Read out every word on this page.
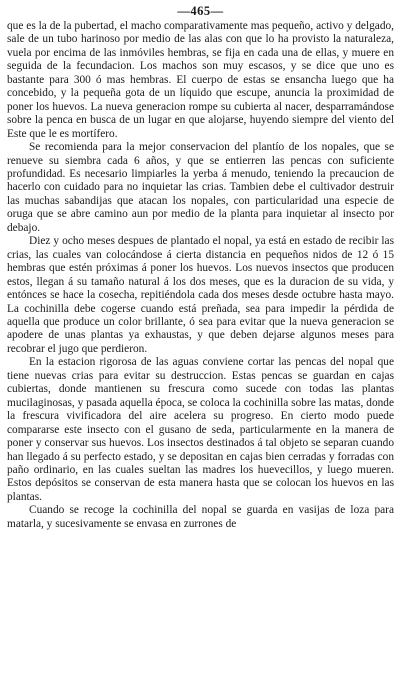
—465—

que es la de la pubertad, el macho comparativamente mas pequeño, activo y delgado, sale de un tubo harinoso por medio de las alas con que lo ha provisto la naturaleza, vuela por encima de las inmóviles hembras, se fija en cada una de ellas, y muere en seguida de la fecundacion. Los machos son muy escasos, y se dice que uno es bastante para 300 ó mas hembras. El cuerpo de estas se ensancha luego que ha concebido, y la pequeña gota de un líquido que escupe, anuncia la proximidad de poner los huevos. La nueva generacion rompe su cubierta al nacer, desparramándose sobre la penca en busca de un lugar en que alojarse, huyendo siempre del viento del Este que le es mortífero.

Se recomienda para la mejor conservacion del plantío de los nopales, que se renueve su siembra cada 6 años, y que se entierren las pencas con suficiente profundidad. Es necesario limpiarles la yerba á menudo, teniendo la precaucion de hacerlo con cuidado para no inquietar las crias. Tambien debe el cultivador destruir las muchas sabandijas que atacan los nopales, con particularidad una especie de oruga que se abre camino aun por medio de la planta para inquietar al insecto por debajo.

Diez y ocho meses despues de plantado el nopal, ya está en estado de recibir las crias, las cuales van colocándose á cierta distancia en pequeños nidos de 12 ó 15 hembras que estén próximas á poner los huevos. Los nuevos insectos que producen estos, llegan á su tamaño natural á los dos meses, que es la duracion de su vida, y entónces se hace la cosecha, repitiéndola cada dos meses desde octubre hasta mayo. La cochinilla debe cogerse cuando está preñada, sea para impedir la pérdida de aquella que produce un color brillante, ó sea para evitar que la nueva generacion se apodere de unas plantas ya exhaustas, y que deben dejarse algunos meses para recobrar el jugo que perdieron.

En la estacion rigorosa de las aguas conviene cortar las pencas del nopal que tiene nuevas crias para evitar su destruccion. Estas pencas se guardan en cajas cubiertas, donde mantienen su frescura como sucede con todas las plantas mucilaginosas, y pasada aquella época, se coloca la cochinilla sobre las matas, donde la frescura vivificadora del aire acelera su progreso. En cierto modo puede compararse este insecto con el gusano de seda, particularmente en la manera de poner y conservar sus huevos. Los insectos destinados á tal objeto se separan cuando han llegado á su perfecto estado, y se depositan en cajas bien cerradas y forradas con paño ordinario, en las cuales sueltan las madres los huevecillos, y luego mueren. Estos depósitos se conservan de esta manera hasta que se colocan los huevos en las plantas.

Cuando se recoge la cochinilla del nopal se guarda en vasijas de loza para matarla, y sucesivamente se envasa en zurrones de
